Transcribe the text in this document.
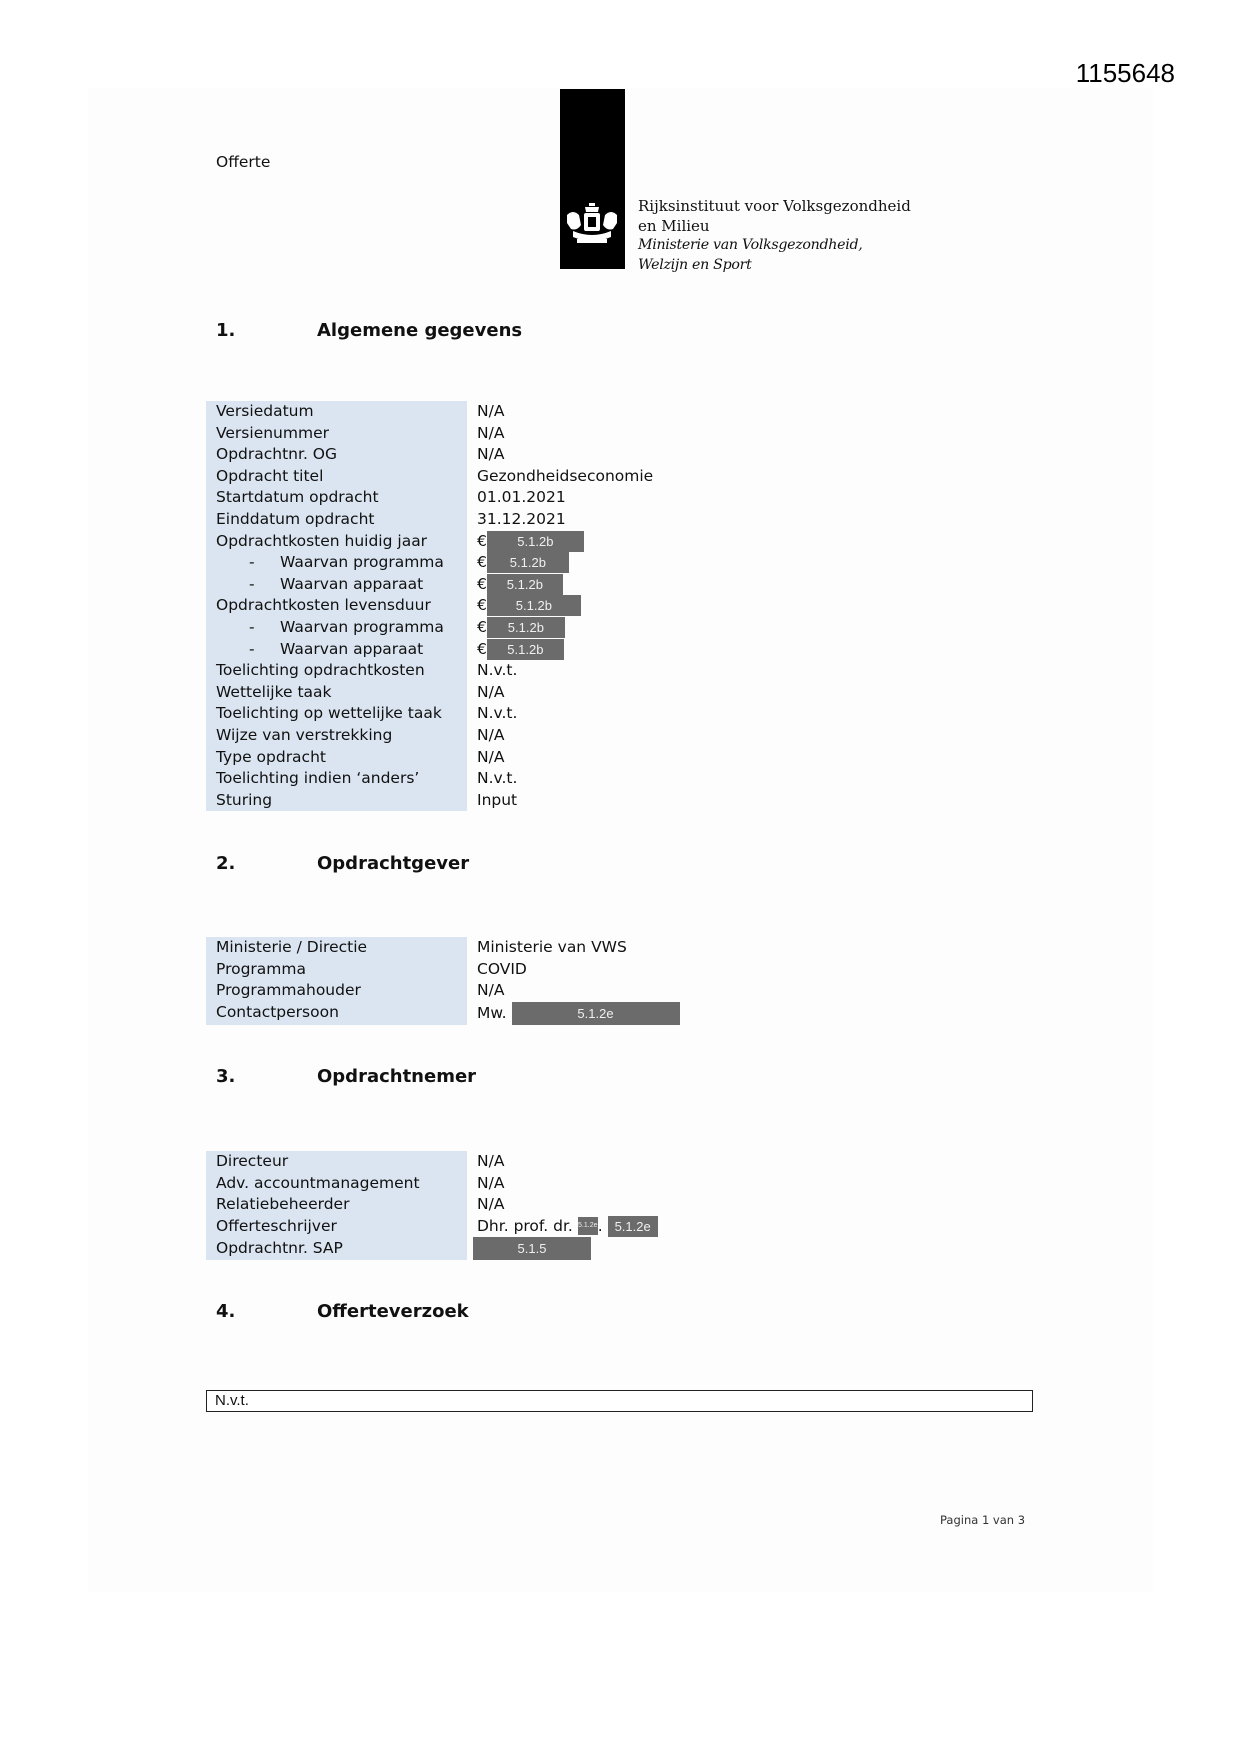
1155648
Offerte
Rijksinstituut voor Volksgezondheid
en Milieu
Ministerie van Volksgezondheid,
Welzijn en Sport
1.	Algemene gegevens
Versiedatum	N/A
Versienummer	N/A
Opdrachtnr. OG	N/A
Opdracht titel	Gezondheidseconomie
Startdatum opdracht	01.01.2021
Einddatum opdracht	31.12.2021
Opdrachtkosten huidig jaar	€ 5.1.2b
- Waarvan programma	€ 5.1.2b
- Waarvan apparaat	€ 5.1.2b
Opdrachtkosten levensduur	€ 5.1.2b
- Waarvan programma	€ 5.1.2b
- Waarvan apparaat	€ 5.1.2b
Toelichting opdrachtkosten	N.v.t.
Wettelijke taak	N/A
Toelichting op wettelijke taak	N.v.t.
Wijze van verstrekking	N/A
Type opdracht	N/A
Toelichting indien ‘anders’	N.v.t.
Sturing	Input
2.	Opdrachtgever
Ministerie / Directie	Ministerie van VWS
Programma	COVID
Programmahouder	N/A
Contactpersoon	Mw. 5.1.2e
3.	Opdrachtnemer
Directeur	N/A
Adv. accountmanagement	N/A
Relatiebeheerder	N/A
Offerteschrijver	Dhr. prof. dr. 5.1.2e. 5.1.2e
Opdrachtnr. SAP	5.1.5
4.	Offerteverzoek
N.v.t.
Pagina 1 van 3
